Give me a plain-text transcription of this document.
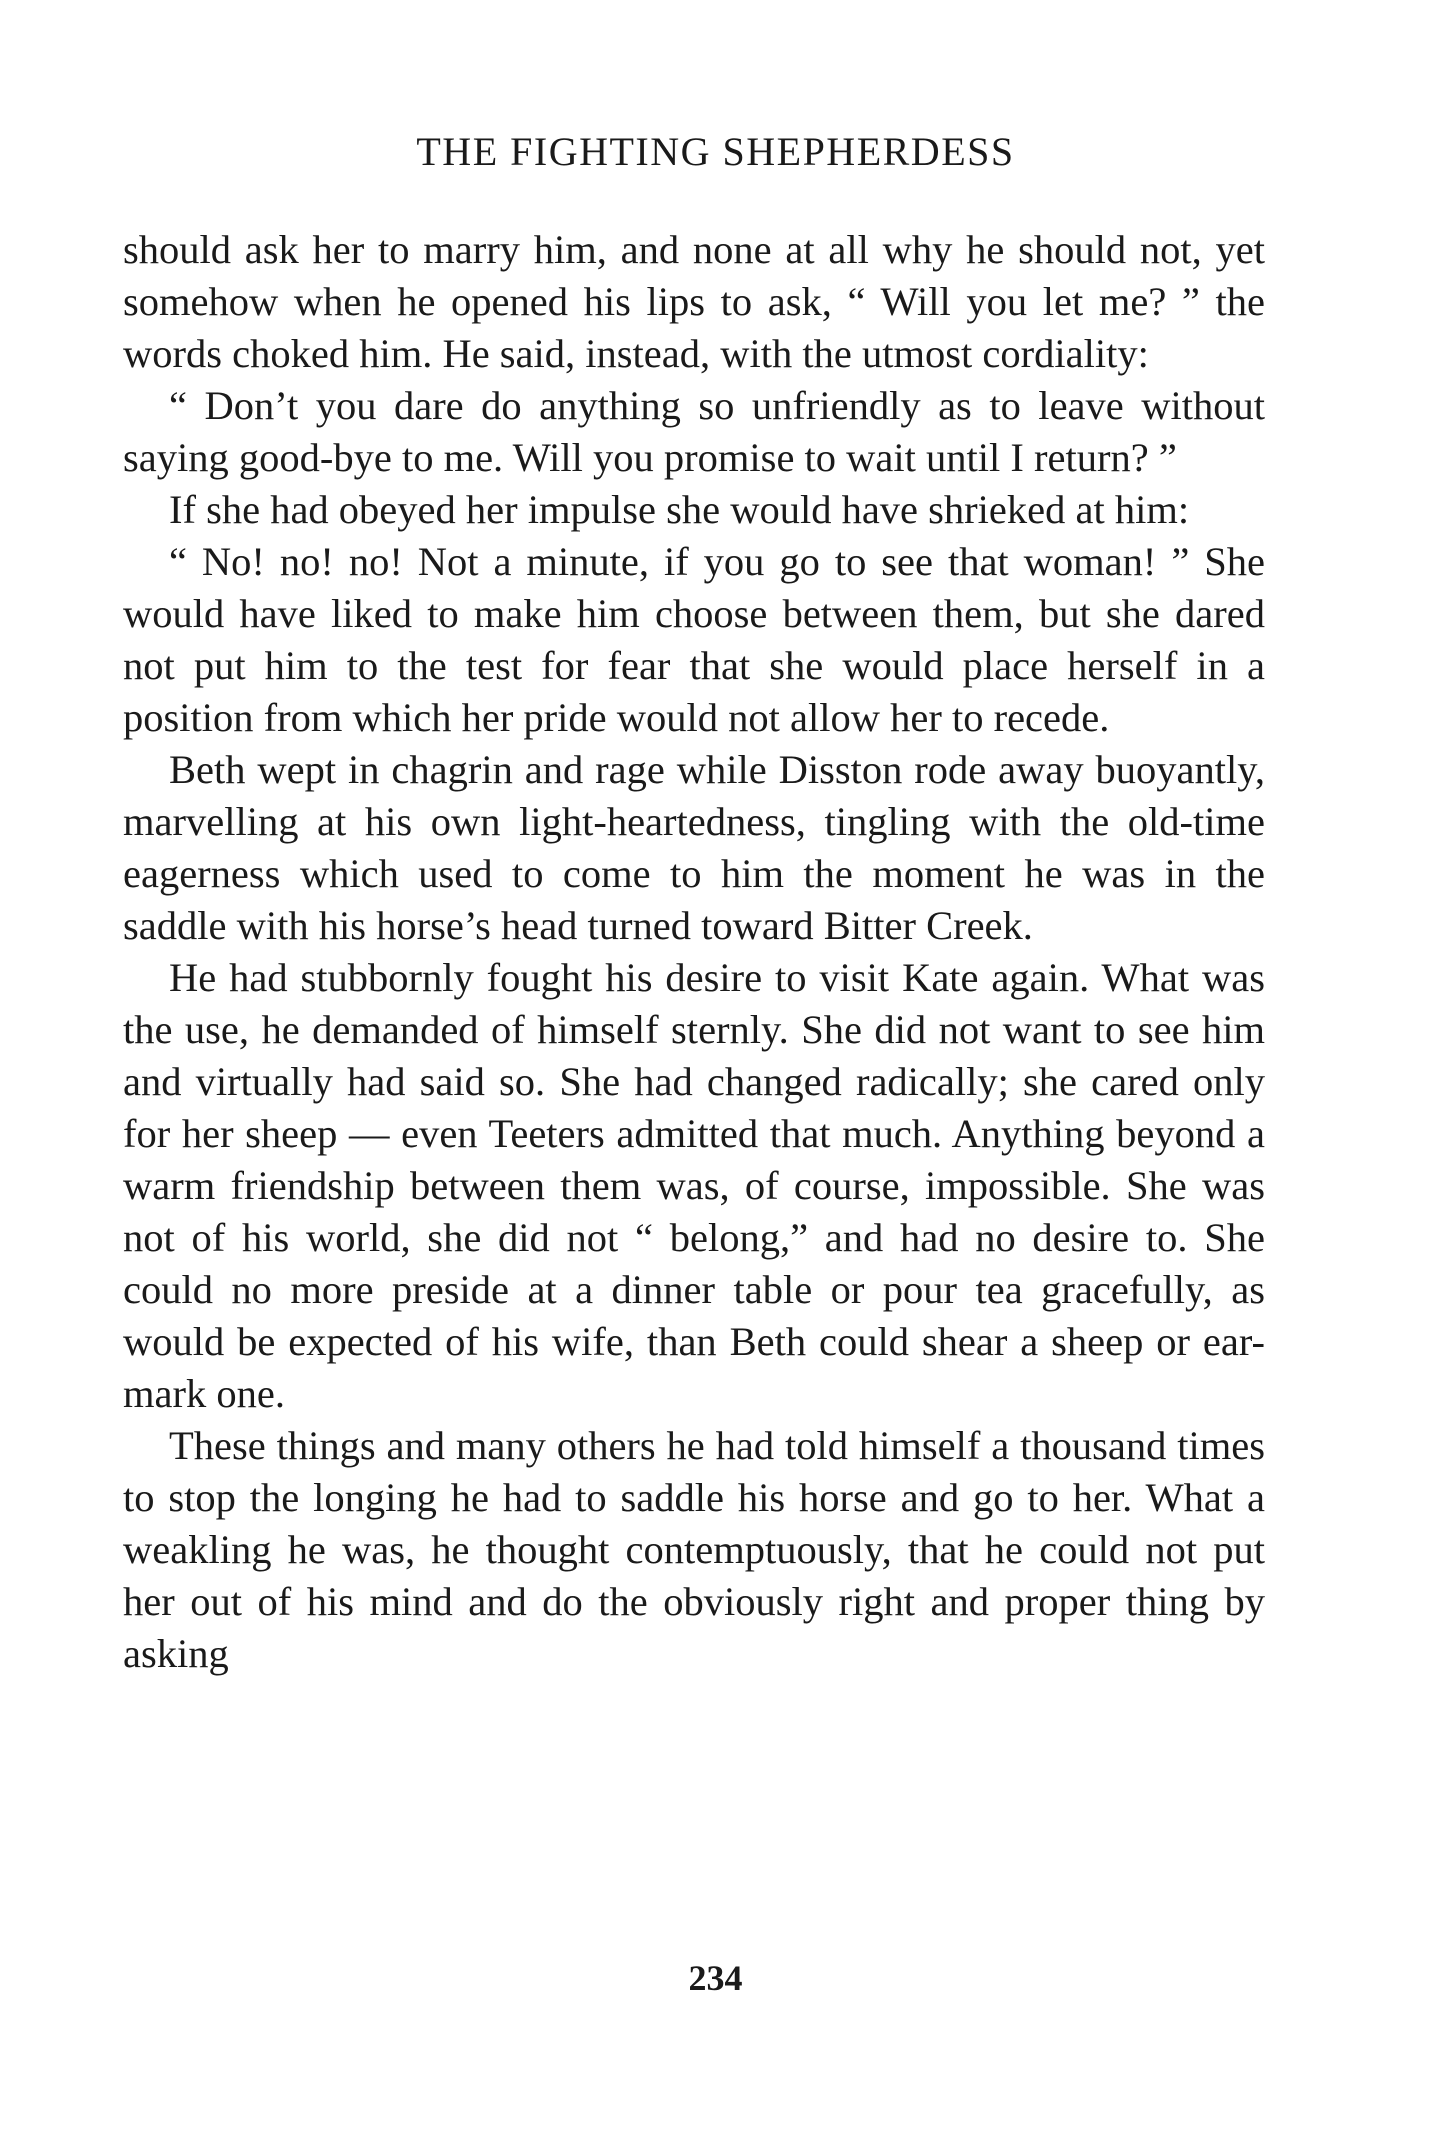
THE FIGHTING SHEPHERDESS

should ask her to marry him, and none at all why he should not, yet somehow when he opened his lips to ask, “ Will you let me? ” the words choked him. He said, instead, with the utmost cordiality:

“ Don’t you dare do anything so unfriendly as to leave without saying good-bye to me. Will you promise to wait until I return? ”

If she had obeyed her impulse she would have shrieked at him:

“ No! no! no! Not a minute, if you go to see that woman! ” She would have liked to make him choose between them, but she dared not put him to the test for fear that she would place herself in a position from which her pride would not allow her to recede.

Beth wept in chagrin and rage while Disston rode away buoyantly, marvelling at his own light-heartedness, tingling with the old-time eagerness which used to come to him the moment he was in the saddle with his horse’s head turned toward Bitter Creek.

He had stubbornly fought his desire to visit Kate again. What was the use, he demanded of himself sternly. She did not want to see him and virtually had said so. She had changed radically; she cared only for her sheep — even Teeters admitted that much. Anything beyond a warm friendship between them was, of course, impossible. She was not of his world, she did not “ belong,” and had no desire to. She could no more preside at a dinner table or pour tea gracefully, as would be expected of his wife, than Beth could shear a sheep or ear-mark one.

These things and many others he had told himself a thousand times to stop the longing he had to saddle his horse and go to her. What a weakling he was, he thought contemptuously, that he could not put her out of his mind and do the obviously right and proper thing by asking

234
